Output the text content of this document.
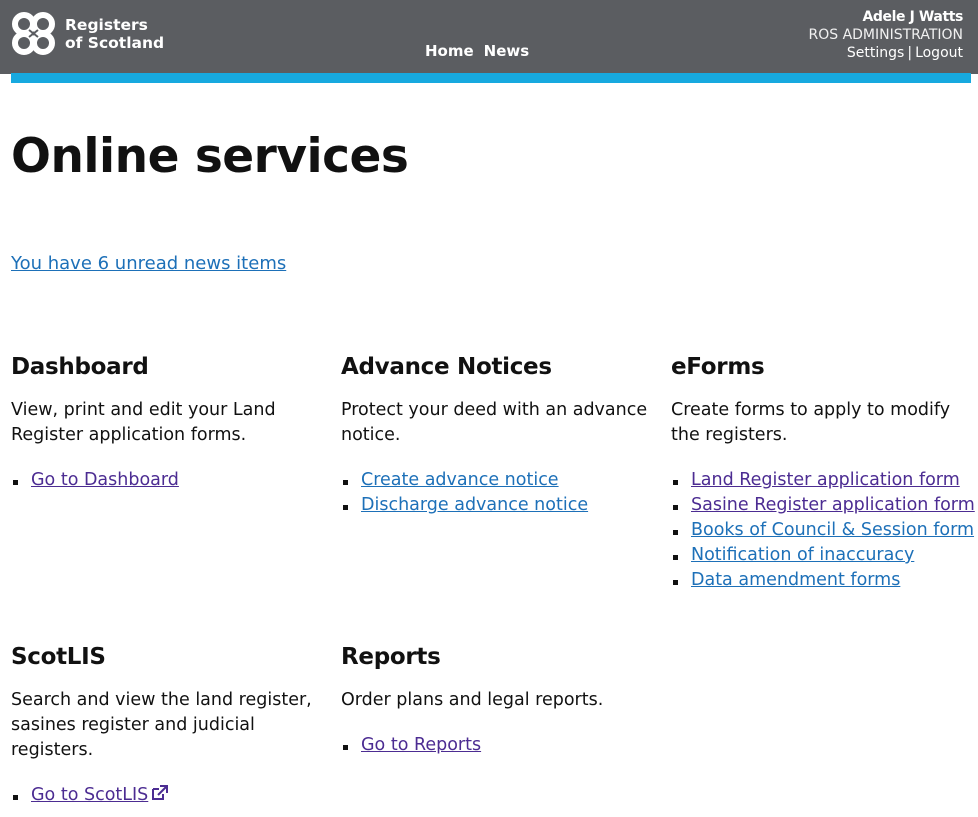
Registers
of Scotland	Home News
Adele J Watts
ROS ADMINISTRATION
Settings | Logout
Online services
You have 6 unread news items
Dashboard

View, print and edit your Land Register application forms.

Go to Dashboard
Advance Notices

Protect your deed with an advance notice.

Create advance notice
Discharge advance notice
eForms

Create forms to apply to modify the registers.

Land Register application form
Sasine Register application form
Books of Council & Session form
Notification of inaccuracy
Data amendment forms
ScotLIS

Search and view the land register, sasines register and judicial registers.

Go to ScotLIS
Reports

Order plans and legal reports.

Go to Reports
